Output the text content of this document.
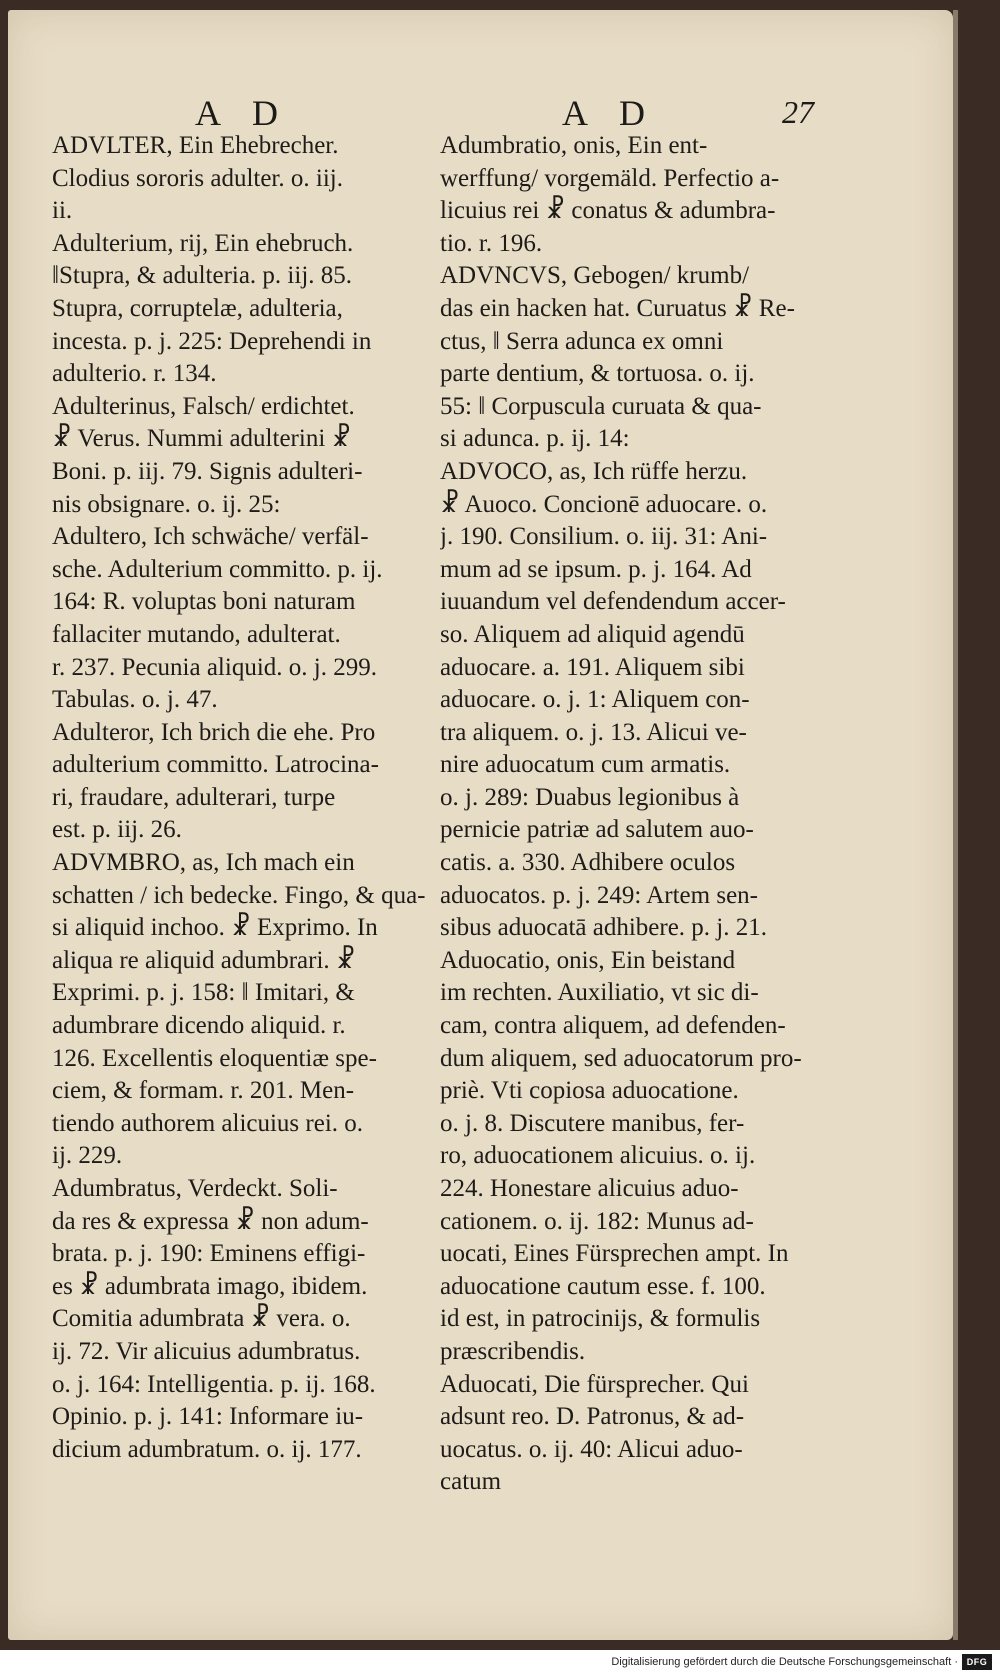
A D	A D	27
ADVLTER, Ein Ehebrecher.
Clodius sororis adulter. o. iij.
ii.
Adulterium, rij, Ein ehebruch.
‖Stupra, & adulteria. p. iij. 85.
Stupra, corruptelæ, adulteria,
incesta. p. j. 225: Deprehendi in
adulterio. r. 134.
Adulterinus, Falsch/ erdichtet.
☧ Verus. Nummi adulterini ☧
Boni. p. iij. 79. Signis adulteri-
nis obsignare. o. ij. 25:
Adultero, Ich schwäche/ verfäl-
sche. Adulterium committo. p. ij.
164: R. voluptas boni naturam
fallaciter mutando, adulterat.
r. 237. Pecunia aliquid. o. j. 299.
Tabulas. o. j. 47.
Adulteror, Ich brich die ehe. Pro
adulterium committo. Latrocina-
ri, fraudare, adulterari, turpe
est. p. iij. 26.
ADVMBRO, as, Ich mach ein
schatten / ich bedecke. Fingo, & qua-
si aliquid inchoo. ☧ Exprimo. In
aliqua re aliquid adumbrari. ☧
Exprimi. p. j. 158: ‖ Imitari, &
adumbrare dicendo aliquid. r.
126. Excellentis eloquentiæ spe-
ciem, & formam. r. 201. Men-
tiendo authorem alicuius rei. o.
ij. 229.
Adumbratus, Verdeckt. Soli-
da res & expressa ☧ non adum-
brata. p. j. 190: Eminens effigi-
es ☧ adumbrata imago, ibidem.
Comitia adumbrata ☧ vera. o.
ij. 72. Vir alicuius adumbratus.
o. j. 164: Intelligentia. p. ij. 168.
Opinio. p. j. 141: Informare iu-
dicium adumbratum. o. ij. 177.
Adumbratio, onis, Ein ent-
werffung/ vorgemäld. Perfectio a-
licuius rei ☧ conatus & adumbra-
tio. r. 196.
ADVNCVS, Gebogen/ krumb/
das ein hacken hat. Curuatus ☧ Re-
ctus, ‖ Serra adunca ex omni
parte dentium, & tortuosa. o. ij.
55: ‖ Corpuscula curuata & qua-
si adunca. p. ij. 14:
ADVOCO, as, Ich rüffe herzu.
☧ Auoco. Concionē aduocare. o.
j. 190. Consilium. o. iij. 31: Ani-
mum ad se ipsum. p. j. 164. Ad
iuuandum vel defendendum accer-
so. Aliquem ad aliquid agendū
aduocare. a. 191. Aliquem sibi
aduocare. o. j. 1: Aliquem con-
tra aliquem. o. j. 13. Alicui ve-
nire aduocatum cum armatis.
o. j. 289: Duabus legionibus à
pernicie patriæ ad salutem auo-
catis. a. 330. Adhibere oculos
aduocatos. p. j. 249: Artem sen-
sibus aduocatā adhibere. p. j. 21.
Aduocatio, onis, Ein beistand
im rechten. Auxiliatio, vt sic di-
cam, contra aliquem, ad defenden-
dum aliquem, sed aduocatorum pro-
priè. Vti copiosa aduocatione.
o. j. 8. Discutere manibus, fer-
ro, aduocationem alicuius. o. ij.
224. Honestare alicuius aduo-
cationem. o. ij. 182: Munus ad-
uocati, Eines Fürsprechen ampt. In
aduocatione cautum esse. f. 100.
id est, in patrocinijs, & formulis
præscribendis.
Aduocati, Die fürsprecher. Qui
adsunt reo. D. Patronus, & ad-
uocatus. o. ij. 40: Alicui aduo-
catum
Digitalisierung gefördert durch die Deutsche Forschungsgemeinschaft · DFG
